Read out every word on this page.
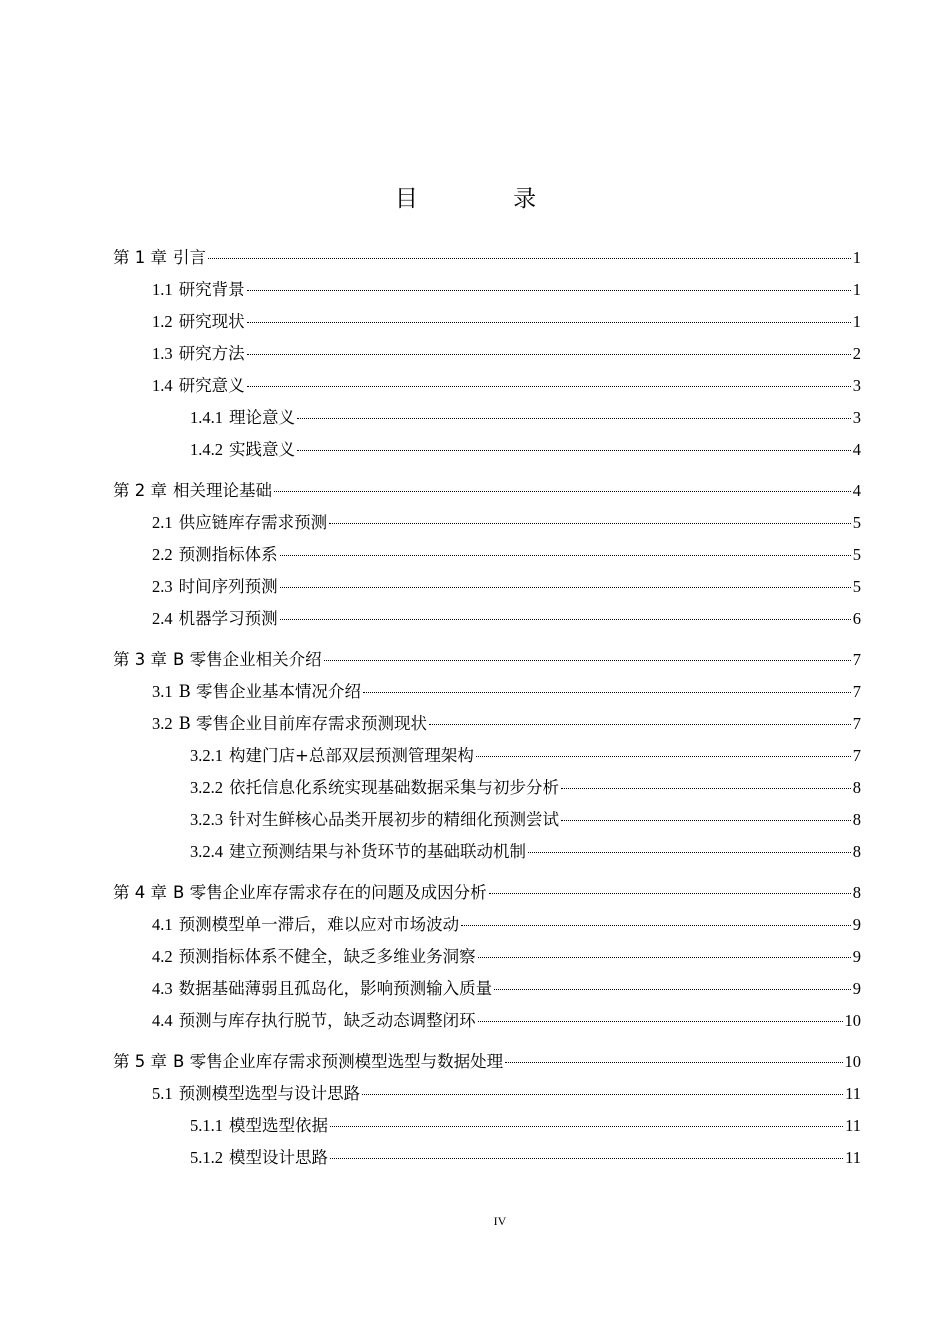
目 录
第 1 章 引言	1
1.1 研究背景	1
1.2 研究现状	1
1.3 研究方法	2
1.4 研究意义	3
1.4.1 理论意义	3
1.4.2 实践意义	4
第 2 章 相关理论基础	4
2.1 供应链库存需求预测	5
2.2 预测指标体系	5
2.3 时间序列预测	5
2.4 机器学习预测	6
第 3 章 B 零售企业相关介绍	7
3.1 B 零售企业基本情况介绍	7
3.2 B 零售企业目前库存需求预测现状	7
3.2.1 构建门店+总部双层预测管理架构	7
3.2.2 依托信息化系统实现基础数据采集与初步分析	8
3.2.3 针对生鲜核心品类开展初步的精细化预测尝试	8
3.2.4 建立预测结果与补货环节的基础联动机制	8
第 4 章 B 零售企业库存需求存在的问题及成因分析	8
4.1 预测模型单一滞后，难以应对市场波动	9
4.2 预测指标体系不健全，缺乏多维业务洞察	9
4.3 数据基础薄弱且孤岛化，影响预测输入质量	9
4.4 预测与库存执行脱节，缺乏动态调整闭环	10
第 5 章 B 零售企业库存需求预测模型选型与数据处理	10
5.1 预测模型选型与设计思路	11
5.1.1 模型选型依据	11
5.1.2 模型设计思路	11
IV
